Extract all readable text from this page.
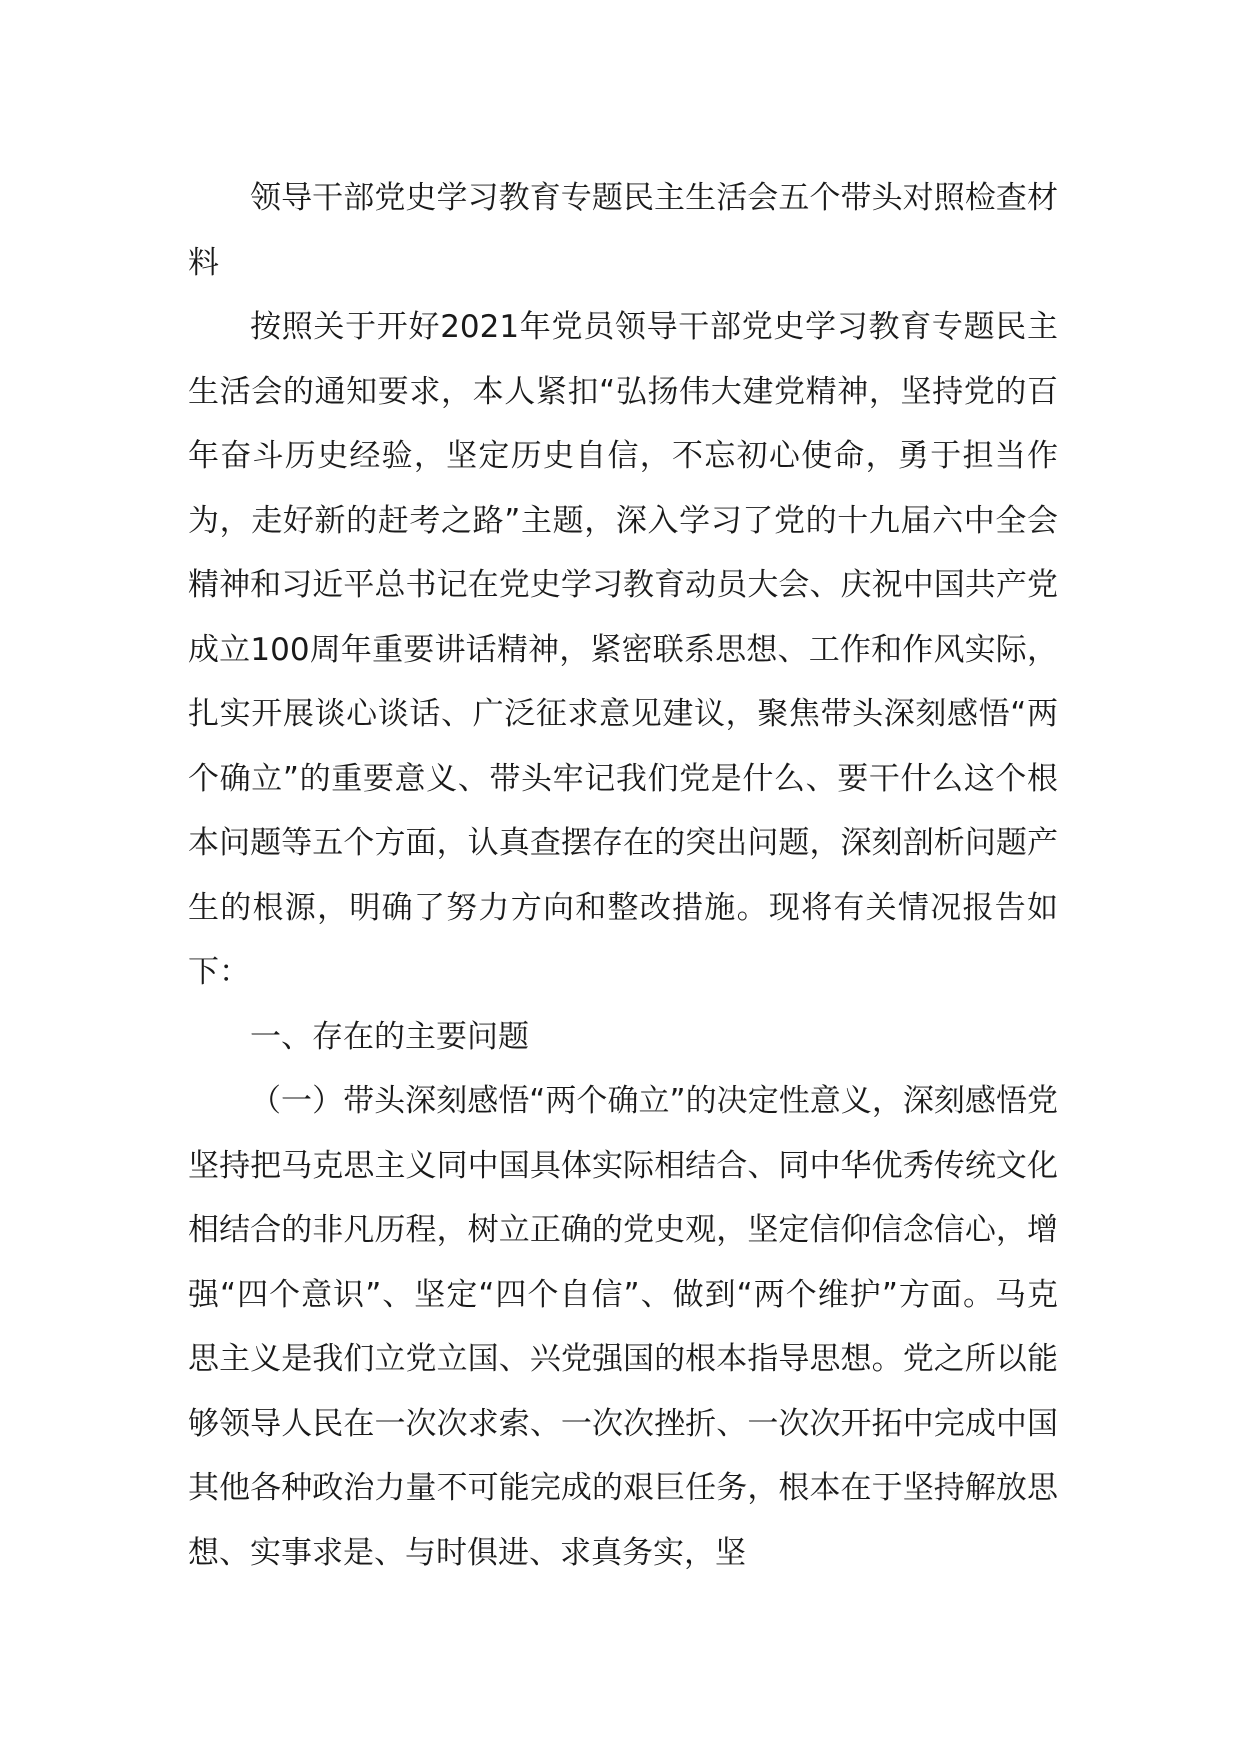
领导干部党史学习教育专题民主生活会五个带头对照检查材料

按照关于开好2021年党员领导干部党史学习教育专题民主生活会的通知要求，本人紧扣“弘扬伟大建党精神，坚持党的百年奋斗历史经验，坚定历史自信，不忘初心使命，勇于担当作为，走好新的赶考之路”主题，深入学习了党的十九届六中全会精神和习近平总书记在党史学习教育动员大会、庆祝中国共产党成立100周年重要讲话精神，紧密联系思想、工作和作风实际，扎实开展谈心谈话、广泛征求意见建议，聚焦带头深刻感悟“两个确立”的重要意义、带头牢记我们党是什么、要干什么这个根本问题等五个方面，认真查摆存在的突出问题，深刻剖析问题产生的根源，明确了努力方向和整改措施。现将有关情况报告如下：

一、存在的主要问题

（一）带头深刻感悟“两个确立”的决定性意义，深刻感悟党坚持把马克思主义同中国具体实际相结合、同中华优秀传统文化相结合的非凡历程，树立正确的党史观，坚定信仰信念信心，增强“四个意识”、坚定“四个自信”、做到“两个维护”方面。马克思主义是我们立党立国、兴党强国的根本指导思想。党之所以能够领导人民在一次次求索、一次次挫折、一次次开拓中完成中国其他各种政治力量不可能完成的艰巨任务，根本在于坚持解放思想、实事求是、与时俱进、求真务实，坚
